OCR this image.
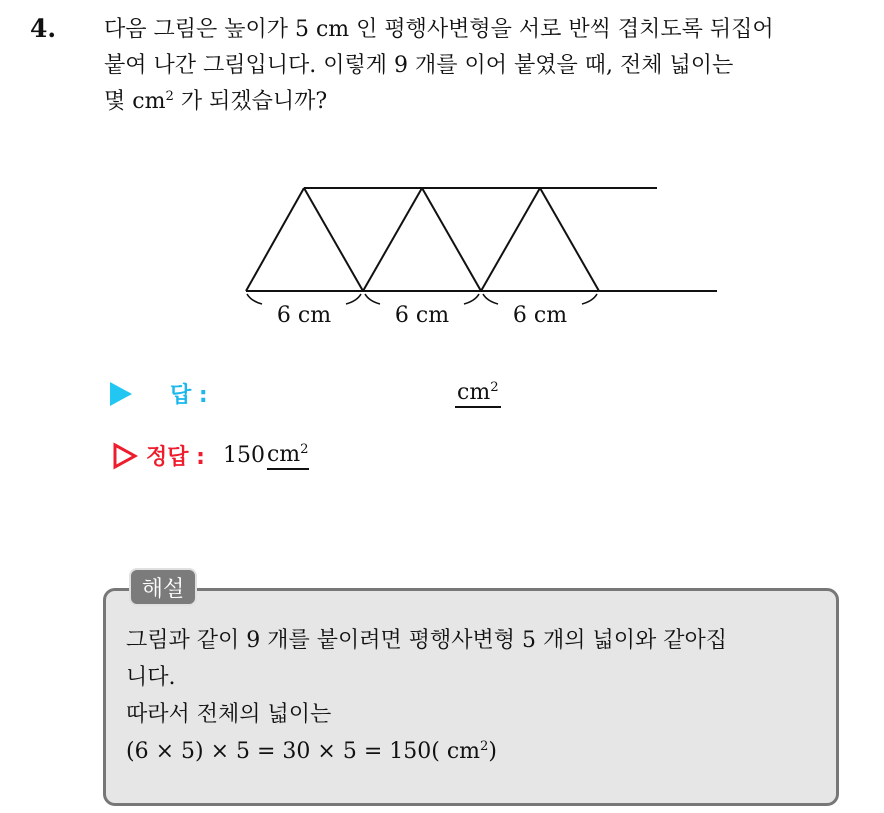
4. 다음 그림은 높이가 5 cm 인 평행사변형을 서로 반씩 겹치도록 뒤집어
붙여 나간 그림입니다. 이렇게 9 개를 이어 붙였을 때, 전체 넓이는
몇 $cm^2$ 가 되겠습니까?
6 cm	6 cm	6 cm
답 :	$cm^2$
정답 : 150 $cm^2$
해설
그림과 같이 9 개를 붙이려면 평행사변형 5 개의 넓이와 같아집
니다.
따라서 전체의 넓이는
(6 × 5) × 5 = 30 × 5 = 150( $cm^2$)
